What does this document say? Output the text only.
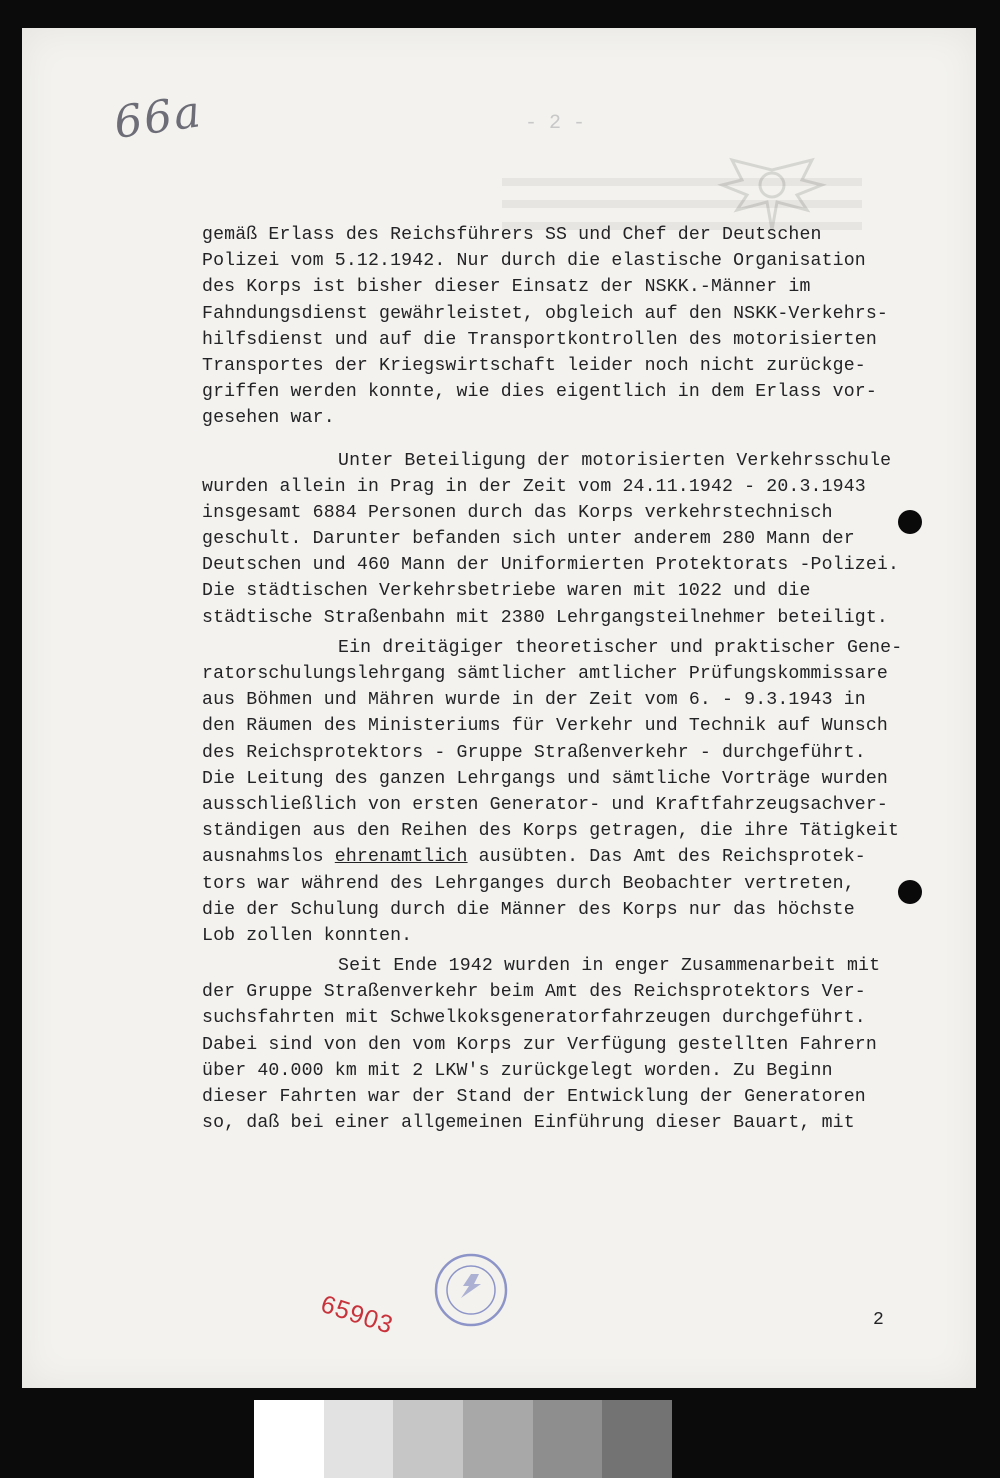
66a	- 2 -
gemäß Erlass des Reichsführers SS und Chef der Deutschen
Polizei vom 5.12.1942. Nur durch die elastische Organisation
des Korps ist bisher dieser Einsatz der NSKK.-Männer im
Fahndungsdienst gewährleistet, obgleich auf den NSKK-Verkehrs-
hilfsdienst und auf die Transportkontrollen des motorisierten
Transportes der Kriegswirtschaft leider noch nicht zurückge-
griffen werden konnte, wie dies eigentlich in dem Erlass vor-
gesehen war.
Unter Beteiligung der motorisierten Verkehrsschule
wurden allein in Prag in der Zeit vom 24.11.1942 - 20.3.1943
insgesamt 6884 Personen durch das Korps verkehrstechnisch
geschult. Darunter befanden sich unter anderem 280 Mann der
Deutschen und 460 Mann der Uniformierten Protektorats -Polizei.
Die städtischen Verkehrsbetriebe waren mit 1022 und die
städtische Straßenbahn mit 2380 Lehrgangsteilnehmer beteiligt.
Ein dreitägiger theoretischer und praktischer Gene-
ratorschulungslehrgang sämtlicher amtlicher Prüfungskommissare
aus Böhmen und Mähren wurde in der Zeit vom 6. - 9.3.1943 in
den Räumen des Ministeriums für Verkehr und Technik auf Wunsch
des Reichsprotektors - Gruppe Straßenverkehr - durchgeführt.
Die Leitung des ganzen Lehrgangs und sämtliche Vorträge wurden
ausschließlich von ersten Generator- und Kraftfahrzeugsachver-
ständigen aus den Reihen des Korps getragen, die ihre Tätigkeit
ausnahmslos ehrenamtlich ausübten. Das Amt des Reichsprotek-
tors war während des Lehrganges durch Beobachter vertreten,
die der Schulung durch die Männer des Korps nur das höchste
Lob zollen konnten.
Seit Ende 1942 wurden in enger Zusammenarbeit mit
der Gruppe Straßenverkehr beim Amt des Reichsprotektors Ver-
suchsfahrten mit Schwelkoksgeneratorfahrzeugen durchgeführt.
Dabei sind von den vom Korps zur Verfügung gestellten Fahrern
über 40.000 km mit 2 LKW's zurückgelegt worden. Zu Beginn
dieser Fahrten war der Stand der Entwicklung der Generatoren
so, daß bei einer allgemeinen Einführung dieser Bauart, mit
65903	2
